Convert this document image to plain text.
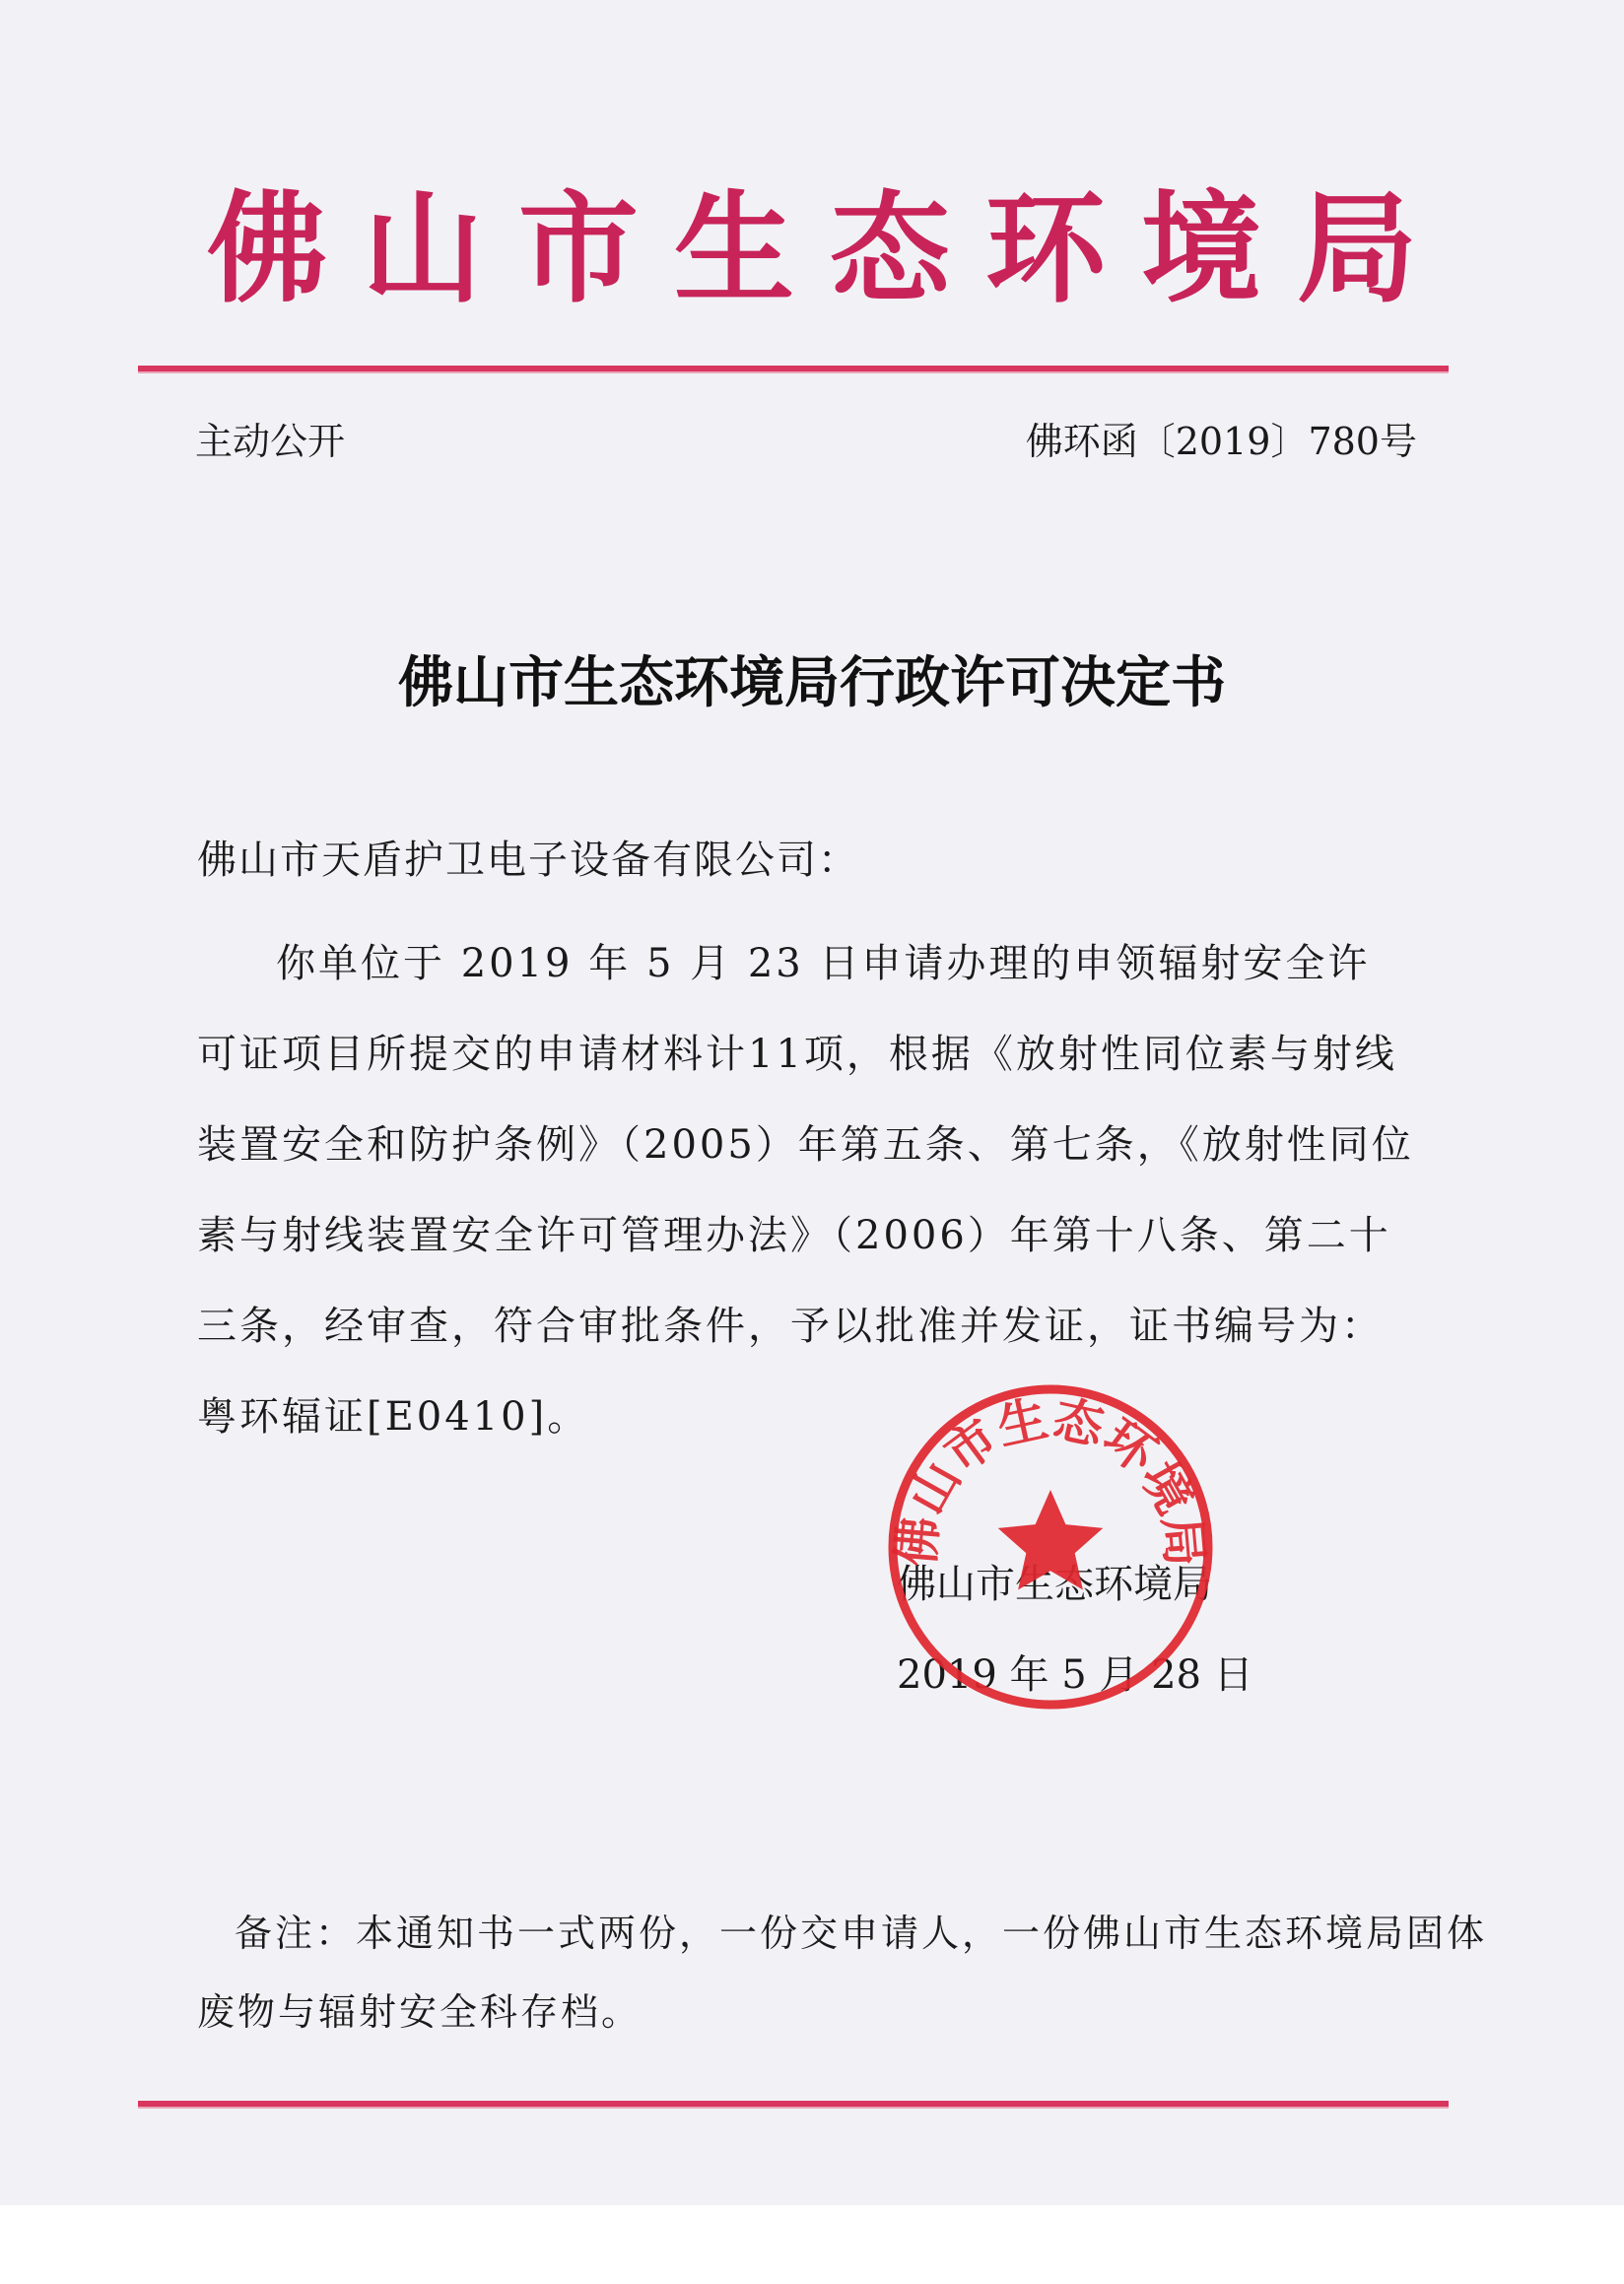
佛山市生态环境局
主动公开	佛环函〔2019〕780号
佛山市生态环境局行政许可决定书
佛山市天盾护卫电子设备有限公司：
你单位于 2019 年 5 月 23 日申请办理的申领辐射安全许
可证项目所提交的申请材料计11项，根据《放射性同位素与射线
装置安全和防护条例》（2005）年第五条、第七条，《放射性同位
素与射线装置安全许可管理办法》（2006）年第十八条、第二十
三条，经审查，符合审批条件，予以批准并发证，证书编号为：
粤环辐证[E0410]。
佛山市生态环境局
2019 年 5 月 28 日
佛山市生态环境局
备注：本通知书一式两份，一份交申请人，一份佛山市生态环境局固体
废物与辐射安全科存档。
